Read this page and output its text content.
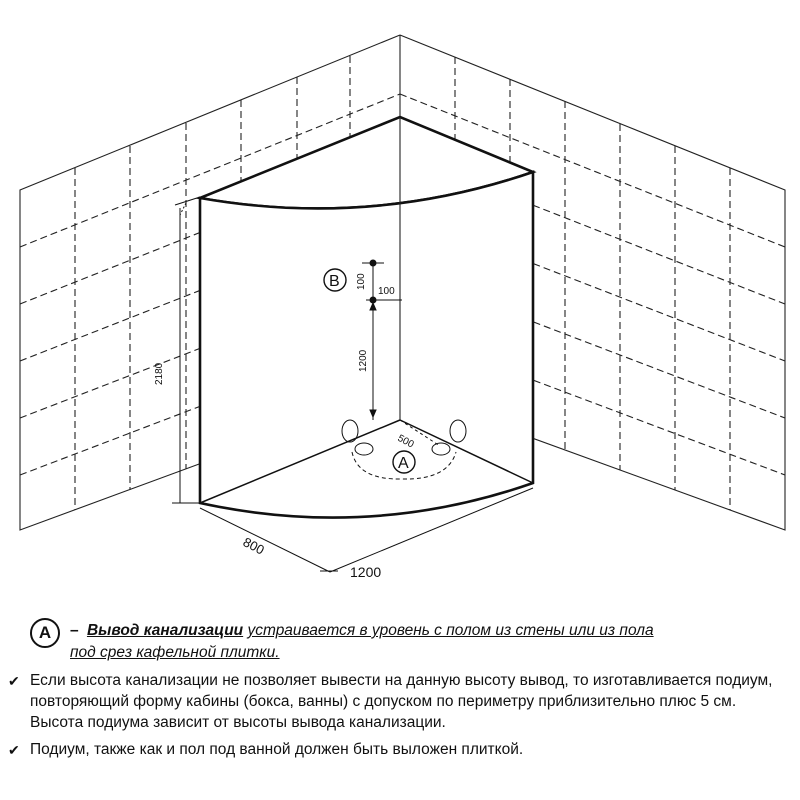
2180
B 100
100
1200
500
A
800
1200
A	– Вывод канализации устраивается в уровень с полом из стены или из пола
под срез кафельной плитки.
✔ Если высота канализации не позволяет вывести на данную высоту вывод, то изготавливается подиум, повторяющий форму кабины (бокса, ванны) с допуском по периметру приблизительно плюс 5 см. Высота подиума зависит от высоты вывода канализации.
✔ Подиум, также как и пол под ванной должен быть выложен плиткой.
